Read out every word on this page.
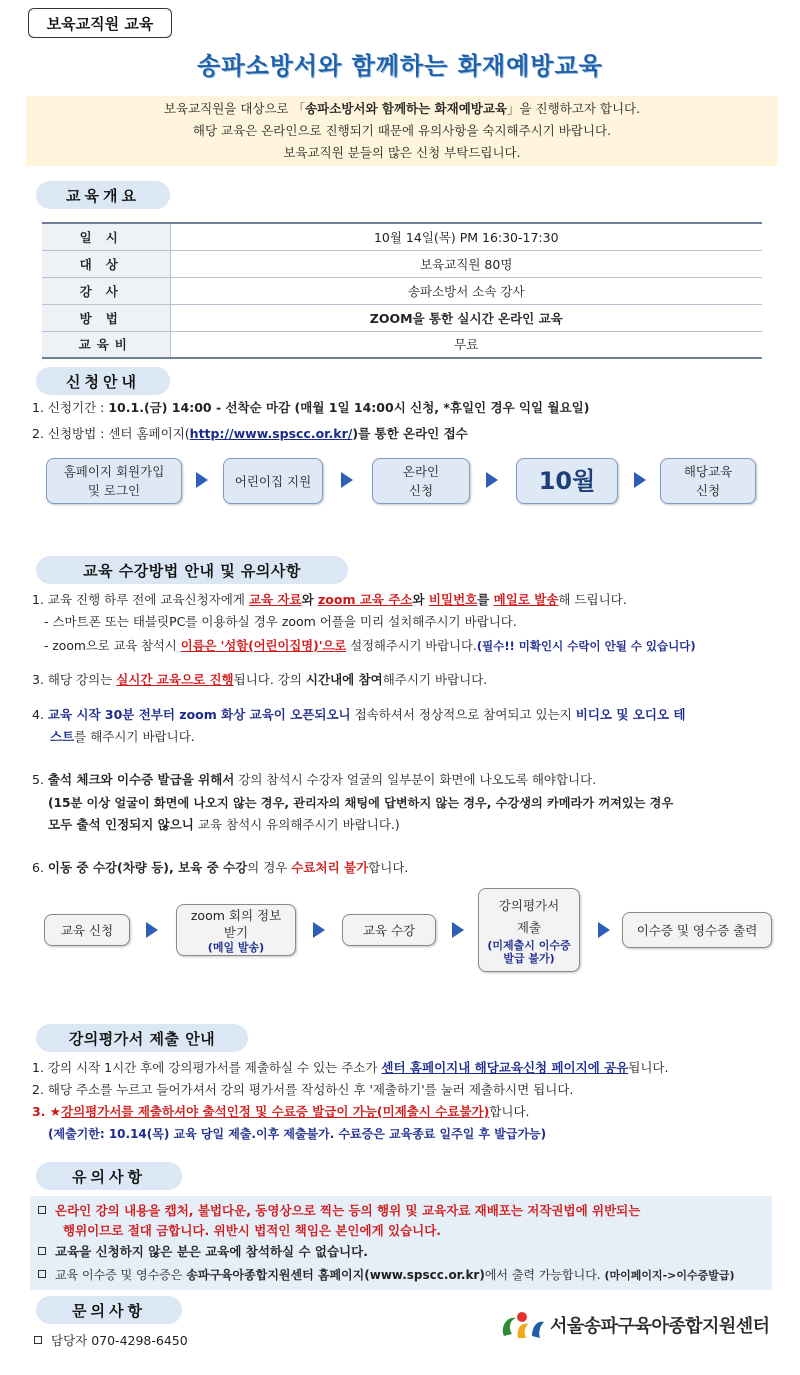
보육교직원 교육
송파소방서와 함께하는 화재예방교육
보육교직원을 대상으로 「송파소방서와 함께하는 화재예방교육」을 진행하고자 합니다.
해당 교육은 온라인으로 진행되기 때문에 유의사항을 숙지해주시기 바랍니다.
보육교직원 분들의 많은 신청 부탁드립니다.
교육개요
일시	10월 14일(목) PM 16:30-17:30
대상	보육교직원 80명
강사	송파소방서 소속 강사
방법	ZOOM을 통한 실시간 온라인 교육
교육비	무료
신청안내
1. 신청기간 : 10.1.(금) 14:00 - 선착순 마감 (매월 1일 14:00시 신청, *휴일인 경우 익일 월요일)
2. 신청방법 : 센터 홈페이지(http://www.spscc.or.kr/)를 통한 온라인 접수
홈페이지 회원가입
및 로그인
어린이집 지원
온라인
신청	10월	해당교육
신청
교육 수강방법 안내 및 유의사항
1. 교육 진행 하루 전에 교육신청자에게 교육 자료와 zoom 교육 주소와 비밀번호를 메일로 발송해 드립니다.
- 스마트폰 또는 태블릿PC를 이용하실 경우 zoom 어플을 미리 설치해주시기 바랍니다.
- zoom으로 교육 참석시 이름은 '성함(어린이집명)'으로 설정해주시기 바랍니다.(필수!! 미확인시 수락이 안될 수 있습니다)
3. 해당 강의는 실시간 교육으로 진행됩니다. 강의 시간내에 참여해주시기 바랍니다.
4. 교육 시작 30분 전부터 zoom 화상 교육이 오픈되오니 접속하셔서 정상적으로 참여되고 있는지 비디오 및 오디오 테
스트를 해주시기 바랍니다.
5. 출석 체크와 이수증 발급을 위해서 강의 참석시 수강자 얼굴의 일부분이 화면에 나오도록 해야합니다.
(15분 이상 얼굴이 화면에 나오지 않는 경우, 관리자의 채팅에 답변하지 않는 경우, 수강생의 카메라가 꺼져있는 경우
모두 출석 인정되지 않으니 교육 참석시 유의해주시기 바랍니다.)
6. 이동 중 수강(차량 등), 보육 중 수강의 경우 수료처리 불가합니다.
교육 신청
zoom 회의 정보
받기
(메일 발송)
교육 수강
강의평가서
제출
(미제출시 이수증 발급 불가)
이수증 및 영수증 출력
강의평가서 제출 안내
1. 강의 시작 1시간 후에 강의평가서를 제출하실 수 있는 주소가 센터 홈페이지내 해당교육신청 페이지에 공유됩니다.
2. 해당 주소를 누르고 들어가셔서 강의 평가서를 작성하신 후 '제출하기'를 눌러 제출하시면 됩니다.
3. ★강의평가서를 제출하셔야 출석인정 및 수료증 발급이 가능(미제출시 수료불가)합니다.
(제출기한: 10.14(목) 교육 당일 제출.이후 제출불가. 수료증은 교육종료 일주일 후 발급가능)
유의사항
온라인 강의 내용을 캡처, 불법다운, 동영상으로 찍는 등의 행위 및 교육자료 재배포는 저작권법에 위반되는
행위이므로 절대 금합니다. 위반시 법적인 책임은 본인에게 있습니다.
교육을 신청하지 않은 분은 교육에 참석하실 수 없습니다.
교육 이수증 및 영수증은 송파구육아종합지원센터 홈페이지(www.spscc.or.kr)에서 출력 가능합니다. (마이페이지->이수증발급)
문의사항
담당자 070-4298-6450
서울송파구육아종합지원센터
